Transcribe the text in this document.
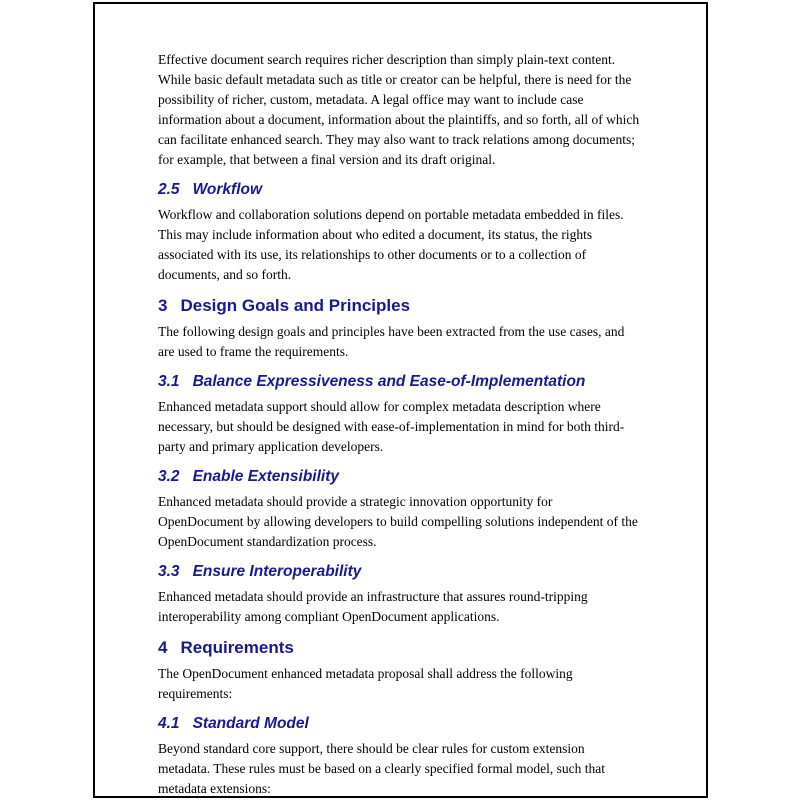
Effective document search requires richer description than simply plain-text content. While basic default metadata such as title or creator can be helpful, there is need for the possibility of richer, custom, metadata. A legal office may want to include case information about a document, information about the plaintiffs, and so forth, all of which can facilitate enhanced search. They may also want to track relations among documents; for example, that between a final version and its draft original.

2.5 Workflow

Workflow and collaboration solutions depend on portable metadata embedded in files. This may include information about who edited a document, its status, the rights associated with its use, its relationships to other documents or to a collection of documents, and so forth.

3 Design Goals and Principles

The following design goals and principles have been extracted from the use cases, and are used to frame the requirements.

3.1 Balance Expressiveness and Ease-of-Implementation

Enhanced metadata support should allow for complex metadata description where necessary, but should be designed with ease-of-implementation in mind for both third-party and primary application developers.

3.2 Enable Extensibility

Enhanced metadata should provide a strategic innovation opportunity for OpenDocument by allowing developers to build compelling solutions independent of the OpenDocument standardization process.

3.3 Ensure Interoperability

Enhanced metadata should provide an infrastructure that assures round-tripping interoperability among compliant OpenDocument applications.

4 Requirements

The OpenDocument enhanced metadata proposal shall address the following requirements:

4.1 Standard Model

Beyond standard core support, there should be clear rules for custom extension metadata. These rules must be based on a clearly specified formal model, such that metadata extensions:
